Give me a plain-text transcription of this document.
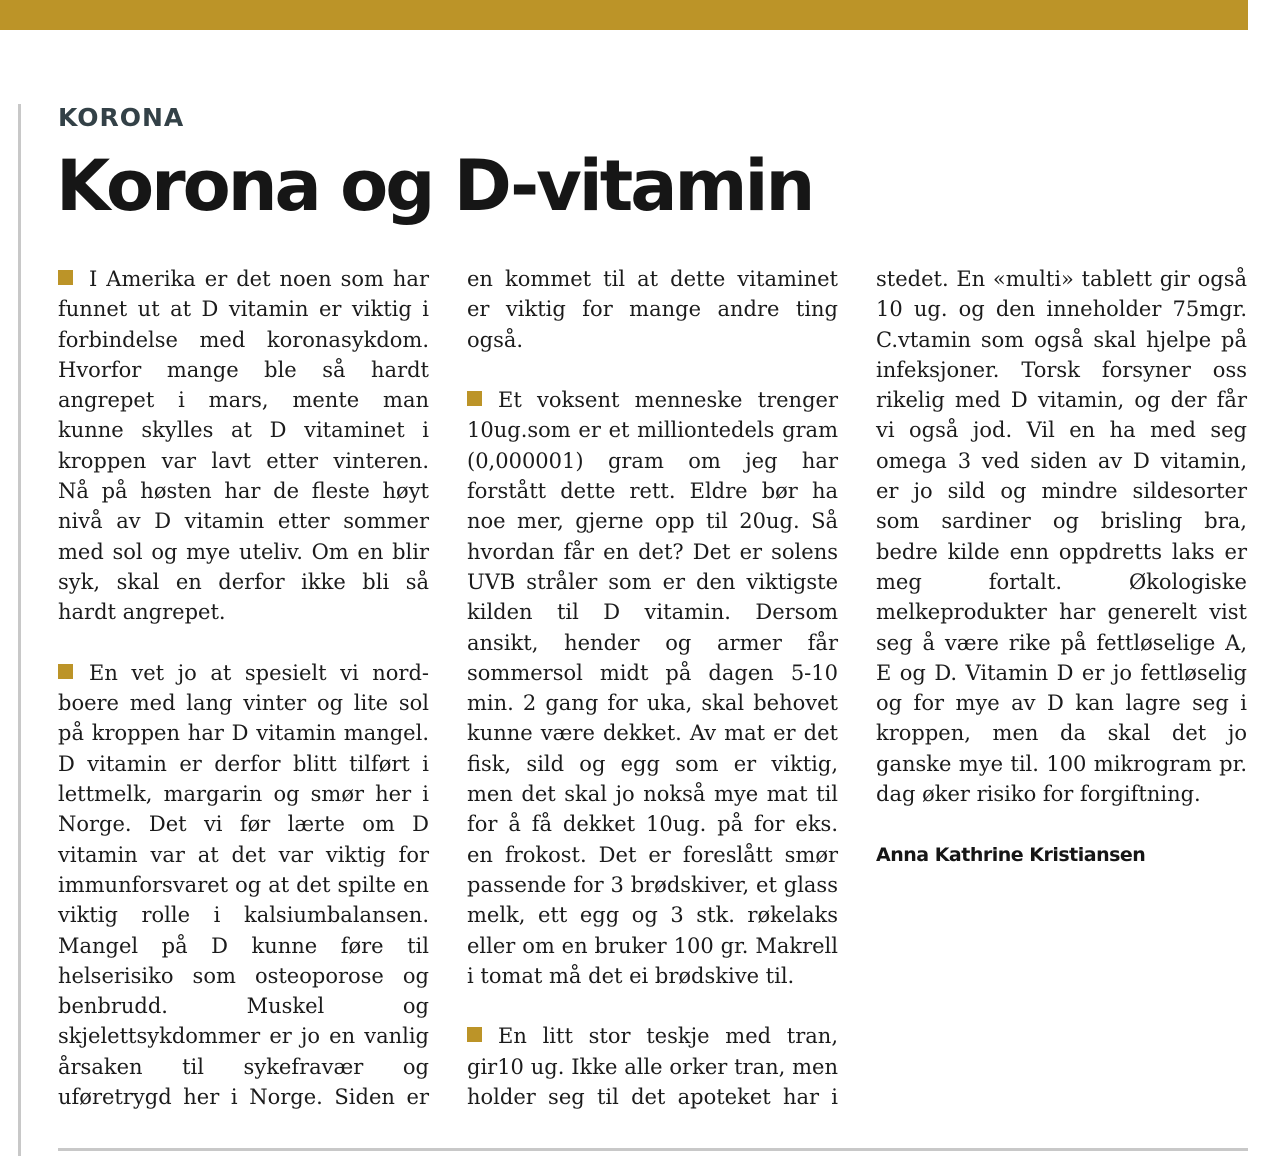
KORONA
Korona og D-vitamin

I Amerika er det noen som har funnet ut at D vitamin er viktig i forbindelse med koronasykdom. Hvorfor mange ble så hardt angrepet i mars, mente man kunne skylles at D vitaminet i kroppen var lavt etter vinteren. Nå på høsten har de fleste høyt nivå av D vitamin etter sommer med sol og mye uteliv. Om en blir syk, skal en derfor ikke bli så hardt angrepet.

En vet jo at spesielt vi nordboere med lang vinter og lite sol på kroppen har D vitamin mangel. D vitamin er derfor blitt tilført i lettmelk, margarin og smør her i Norge. Det vi før lærte om D vitamin var at det var viktig for immunforsvaret og at det spilte en viktig rolle i kalsiumbalansen. Mangel på D kunne føre til helserisiko som osteoporose og benbrudd. Muskel og skjelettsykdommer er jo en vanlig årsaken til sykefravær og uføretrygd her i Norge. Siden er

en kommet til at dette vitaminet er viktig for mange andre ting også.

Et voksent menneske trenger 10ug.som er et milliontedels gram (0,000001) gram om jeg har forstått dette rett. Eldre bør ha noe mer, gjerne opp til 20ug. Så hvordan får en det? Det er solens UVB stråler som er den viktigste kilden til D vitamin. Dersom ansikt, hender og armer får sommersol midt på dagen 5-10 min. 2 gang for uka, skal behovet kunne være dekket. Av mat er det fisk, sild og egg som er viktig, men det skal jo nokså mye mat til for å få dekket 10ug. på for eks. en frokost. Det er foreslått smør passende for 3 brødskiver, et glass melk, ett egg og 3 stk. røkelaks eller om en bruker 100 gr. Makrell i tomat må det ei brødskive til.

En litt stor teskje med tran, gir10 ug. Ikke alle orker tran, men holder seg til det apoteket har i

stedet. En «multi» tablett gir også 10 ug. og den inneholder 75mgr. C.vtamin som også skal hjelpe på infeksjoner. Torsk forsyner oss rikelig med D vitamin, og der får vi også jod. Vil en ha med seg omega 3 ved siden av D vitamin, er jo sild og mindre sildesorter som sardiner og brisling bra, bedre kilde enn oppdretts laks er meg fortalt. Økologiske melkeprodukter har generelt vist seg å være rike på fettløselige A, E og D. Vitamin D er jo fettløselig og for mye av D kan lagre seg i kroppen, men da skal det jo ganske mye til. 100 mikrogram pr. dag øker risiko for forgiftning.

Anna Kathrine Kristiansen
